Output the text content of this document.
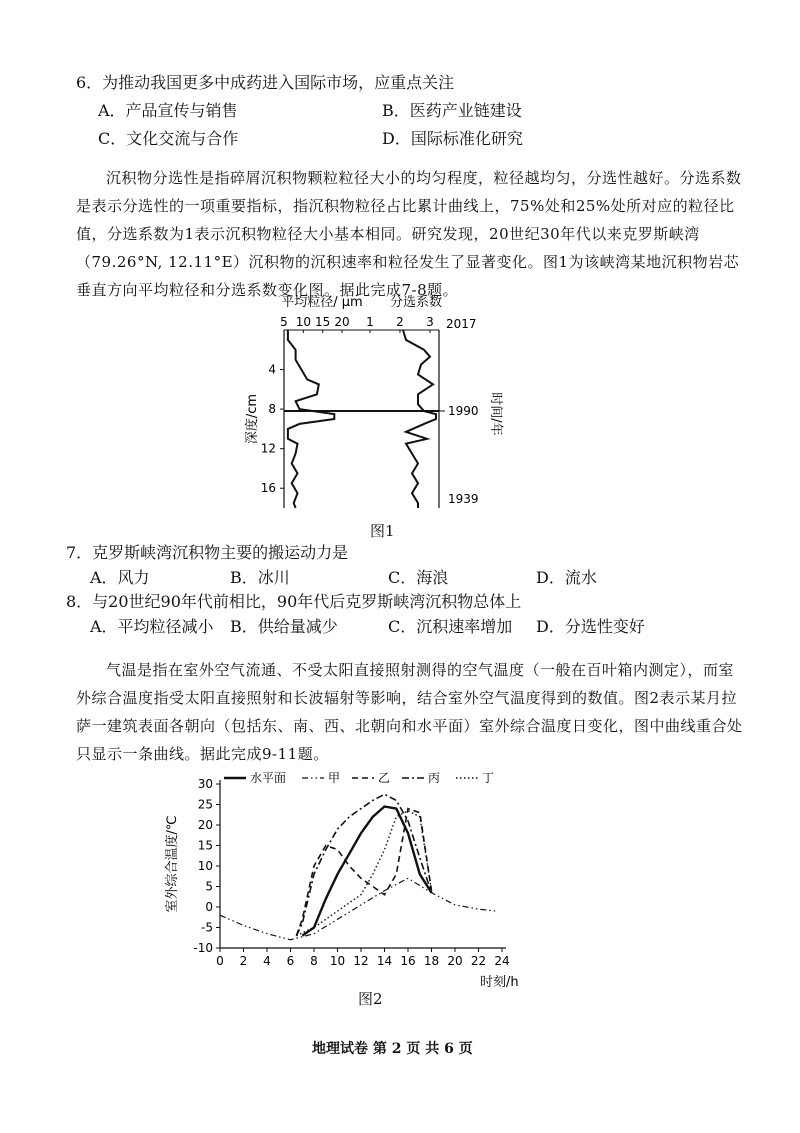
6．为推动我国更多中成药进入国际市场，应重点关注
A．产品宣传与销售	B．医药产业链建设
C．文化交流与合作	D．国际标准化研究
沉积物分选性是指碎屑沉积物颗粒粒径大小的均匀程度，粒径越均匀，分选性越好。分选系数是表示分选性的一项重要指标，指沉积物粒径占比累计曲线上，75%处和25%处所对应的粒径比值，分选系数为1表示沉积物粒径大小基本相同。研究发现，20世纪30年代以来克罗斯峡湾（79.26°N, 12.11°E）沉积物的沉积速率和粒径发生了显著变化。图1为该峡湾某地沉积物岩芯垂直方向平均粒径和分选系数变化图。据此完成7-8题。
平均粒径/ μm 分选系数
5 10 15 20 1 2 3
4
8
12
16
2017
1990
1939
深度/cm	时间/年
图1
7．克罗斯峡湾沉积物主要的搬运动力是
A．风力	B．冰川	C．海浪	D．流水
8．与20世纪90年代前相比，90年代后克罗斯峡湾沉积物总体上
A．平均粒径减小 B．供给量减少	C．沉积速率增加 D．分选性变好
气温是指在室外空气流通、不受太阳直接照射测得的空气温度（一般在百叶箱内测定），而室外综合温度指受太阳直接照射和长波辐射等影响，结合室外空气温度得到的数值。图2表示某月拉萨一建筑表面各朝向（包括东、南、西、北朝向和水平面）室外综合温度日变化，图中曲线重合处只显示一条曲线。据此完成9-11题。
30
25
20
15
10
5
0
-5
-10
0 2 4 6 8 10 12 14 16 18 20 22 24
水平面	甲	乙	丙	丁
室外综合温度/℃
时刻/h
图2
地理试卷 第 2 页 共 6 页
